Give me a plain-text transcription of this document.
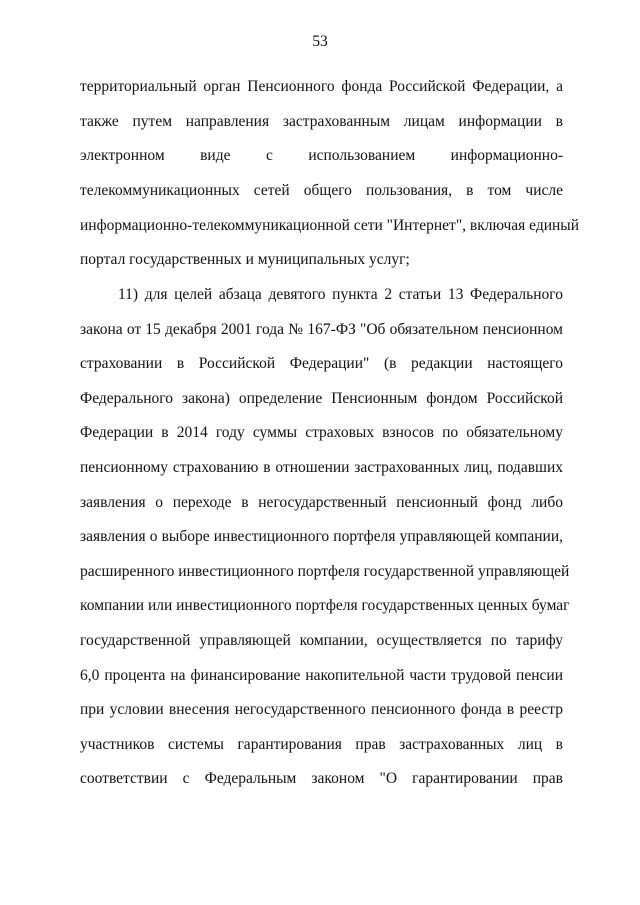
53
территориальный орган Пенсионного фонда Российской Федерации, а
также путем направления застрахованным лицам информации в
электронном виде с использованием информационно-
телекоммуникационных сетей общего пользования, в том числе
информационно-телекоммуникационной сети "Интернет", включая единый
портал государственных и муниципальных услуг;
11) для целей абзаца девятого пункта 2 статьи 13 Федерального
закона от 15 декабря 2001 года № 167-ФЗ "Об обязательном пенсионном
страховании в Российской Федерации" (в редакции настоящего
Федерального закона) определение Пенсионным фондом Российской
Федерации в 2014 году суммы страховых взносов по обязательному
пенсионному страхованию в отношении застрахованных лиц, подавших
заявления о переходе в негосударственный пенсионный фонд либо
заявления о выборе инвестиционного портфеля управляющей компании,
расширенного инвестиционного портфеля государственной управляющей
компании или инвестиционного портфеля государственных ценных бумаг
государственной управляющей компании, осуществляется по тарифу
6,0 процента на финансирование накопительной части трудовой пенсии
при условии внесения негосударственного пенсионного фонда в реестр
участников системы гарантирования прав застрахованных лиц в
соответствии с Федеральным законом "О гарантировании прав
